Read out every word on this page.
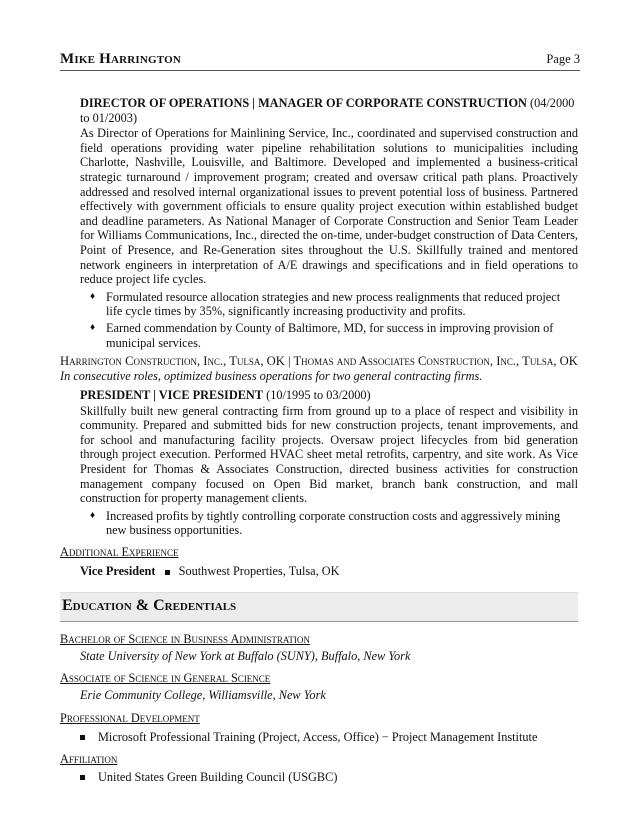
Mike Harrington	Page 3
DIRECTOR OF OPERATIONS | MANAGER OF CORPORATE CONSTRUCTION (04/2000 to 01/2003)
As Director of Operations for Mainlining Service, Inc., coordinated and supervised construction and field operations providing water pipeline rehabilitation solutions to municipalities including Charlotte, Nashville, Louisville, and Baltimore. Developed and implemented a business-critical strategic turnaround / improvement program; created and oversaw critical path plans. Proactively addressed and resolved internal organizational issues to prevent potential loss of business. Partnered effectively with government officials to ensure quality project execution within established budget and deadline parameters. As National Manager of Corporate Construction and Senior Team Leader for Williams Communications, Inc., directed the on-time, under-budget construction of Data Centers, Point of Presence, and Re-Generation sites throughout the U.S. Skillfully trained and mentored network engineers in interpretation of A/E drawings and specifications and in field operations to reduce project life cycles.
♦ Formulated resource allocation strategies and new process realignments that reduced project life cycle times by 35%, significantly increasing productivity and profits.
♦ Earned commendation by County of Baltimore, MD, for success in improving provision of municipal services.
Harrington Construction, Inc., Tulsa, OK | Thomas and Associates Construction, Inc., Tulsa, OK
In consecutive roles, optimized business operations for two general contracting firms.
PRESIDENT | VICE PRESIDENT (10/1995 to 03/2000)
Skillfully built new general contracting firm from ground up to a place of respect and visibility in community. Prepared and submitted bids for new construction projects, tenant improvements, and for school and manufacturing facility projects. Oversaw project lifecycles from bid generation through project execution. Performed HVAC sheet metal retrofits, carpentry, and site work. As Vice President for Thomas & Associates Construction, directed business activities for construction management company focused on Open Bid market, branch bank construction, and mall construction for property management clients.
♦ Increased profits by tightly controlling corporate construction costs and aggressively mining new business opportunities.
Additional Experience
Vice President Southwest Properties, Tulsa, OK
Education & Credentials
Bachelor of Science in Business Administration
State University of New York at Buffalo (SUNY), Buffalo, New York
Associate of Science in General Science
Erie Community College, Williamsville, New York
Professional Development
Microsoft Professional Training (Project, Access, Office) − Project Management Institute
Affiliation
United States Green Building Council (USGBC)
